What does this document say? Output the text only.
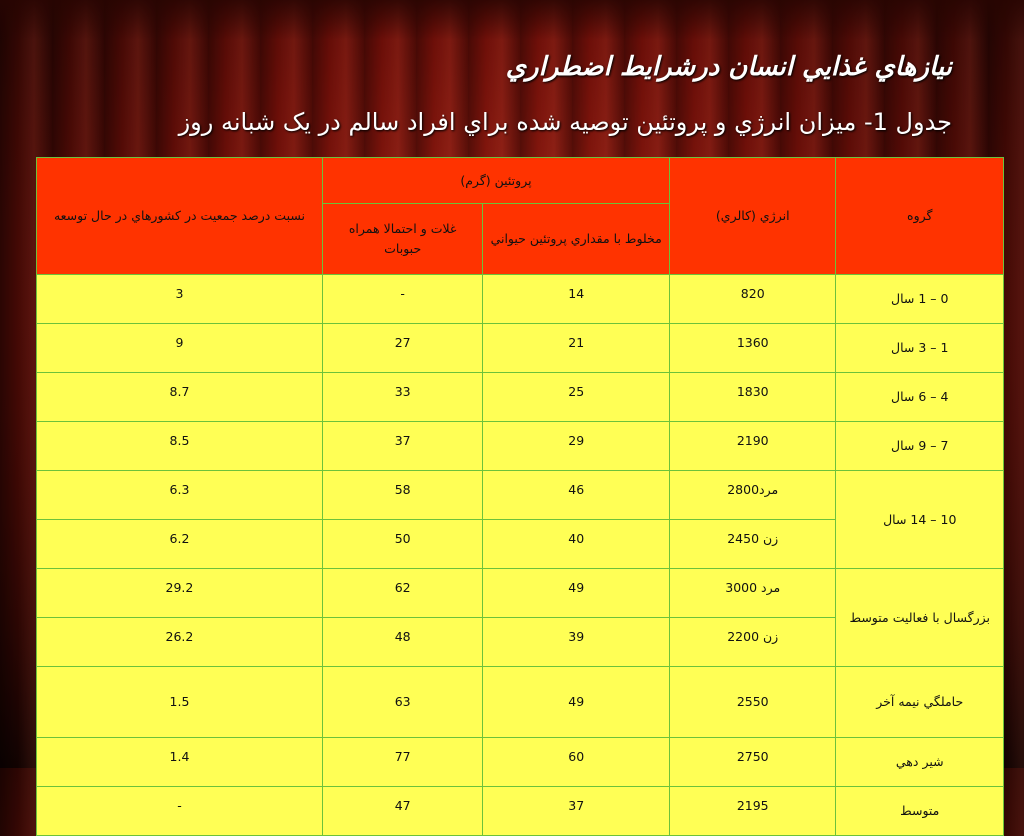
نيازهاي غذايي انسان درشرايط اضطراري
جدول 1- ميزان انرژي و پروتئين توصيه شده براي افراد سالم در يک شبانه روز
گروه	انرژي (كالري)	پروتئين (گرم)		نسبت درصد جمعيت در كشورهاي در حال توسعه
		مخلوط با مقداري پروتئين حيواني	غلات و احتمالا همراه حبوبات	
0 – 1 سال	820	14	-	3
1 – 3 سال	1360	21	27	9
4 – 6 سال	1830	25	33	8.7
7 – 9 سال	2190	29	37	8.5
10 – 14 سال	مرد2800	46	58	6.3
	زن 2450	40	50	6.2
بزرگسال با فعاليت متوسط	مرد 3000	49	62	29.2
	زن 2200	39	48	26.2
حاملگي نيمه آخر	2550	49	63	1.5
شير دهي	2750	60	77	1.4
متوسط	2195	37	47	-
